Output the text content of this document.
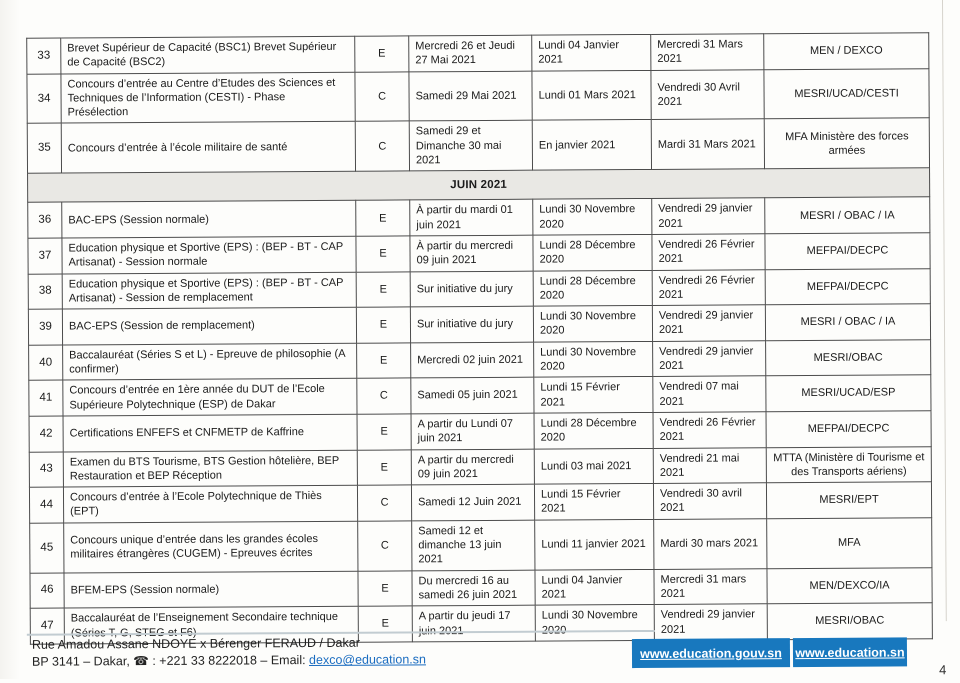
33	Brevet Supérieur de Capacité (BSC1) Brevet Supérieur de Capacité (BSC2)	E	Mercredi 26 et Jeudi 27 Mai 2021	Lundi 04 Janvier 2021	Mercredi 31 Mars 2021	MEN / DEXCO
34	Concours d’entrée au Centre d’Etudes des Sciences et Techniques de l’Information (CESTI) - Phase Présélection	C	Samedi 29 Mai 2021	Lundi 01 Mars 2021	Vendredi 30 Avril 2021	MESRI/UCAD/CESTI
35	Concours d’entrée à l’école militaire de santé	C	Samedi 29 et Dimanche 30 mai 2021	En janvier 2021	Mardi 31 Mars 2021	MFA Ministère des forces armées
JUIN 2021						
36	BAC-EPS (Session normale)	E	À partir du mardi 01 juin 2021	Lundi 30 Novembre 2020	Vendredi 29 janvier 2021	MESRI / OBAC / IA
37	Education physique et Sportive (EPS) : (BEP - BT - CAP Artisanat) - Session normale	E	À partir du mercredi 09 juin 2021	Lundi 28 Décembre 2020	Vendredi 26 Février 2021	MEFPAI/DECPC
38	Education physique et Sportive (EPS) : (BEP - BT - CAP Artisanat) - Session de remplacement	E	Sur initiative du jury	Lundi 28 Décembre 2020	Vendredi 26 Février 2021	MEFPAI/DECPC
39	BAC-EPS (Session de remplacement)	E	Sur initiative du jury	Lundi 30 Novembre 2020	Vendredi 29 janvier 2021	MESRI / OBAC / IA
40	Baccalauréat (Séries S et L) - Epreuve de philosophie (A confirmer)	E	Mercredi 02 juin 2021	Lundi 30 Novembre 2020	Vendredi 29 janvier 2021	MESRI/OBAC
41	Concours d’entrée en 1ère année du DUT de l’Ecole Supérieure Polytechnique (ESP) de Dakar	C	Samedi 05 juin 2021	Lundi 15 Février 2021	Vendredi 07 mai 2021	MESRI/UCAD/ESP
42	Certifications ENFEFS et CNFMETP de Kaffrine	E	A partir du Lundi 07 juin 2021	Lundi 28 Décembre 2020	Vendredi 26 Février 2021	MEFPAI/DECPC
43	Examen du BTS Tourisme, BTS Gestion hôtelière, BEP Restauration et BEP Réception	E	A partir du mercredi 09 juin 2021	Lundi 03 mai 2021	Vendredi 21 mai 2021	MTTA (Ministère di Tourisme et des Transports aériens)
44	Concours d’entrée à l’Ecole Polytechnique de Thiès (EPT)	C	Samedi 12 Juin 2021	Lundi 15 Février 2021	Vendredi 30 avril 2021	MESRI/EPT
45	Concours unique d’entrée dans les grandes écoles militaires étrangères (CUGEM) - Epreuves écrites	C	Samedi 12 et dimanche 13 juin 2021	Lundi 11 janvier 2021	Mardi 30 mars 2021	MFA
46	BFEM-EPS (Session normale)	E	Du mercredi 16 au samedi 26 juin 2021	Lundi 04 Janvier 2021	Mercredi 31 mars 2021	MEN/DEXCO/IA
47	Baccalauréat de l’Enseignement Secondaire technique (Séries T, G, STEG et F6)	E	A partir du jeudi 17 juin 2021	Lundi 30 Novembre 2020	Vendredi 29 janvier 2021	MESRI/OBAC
Rue Amadou Assane NDOYE x Bérenger FERAUD / Dakar
BP 3141 – Dakar, ☎ : +221 33 8222018 – Email: dexco@education.sn	www.education.gouv.sn www.education.sn
4
